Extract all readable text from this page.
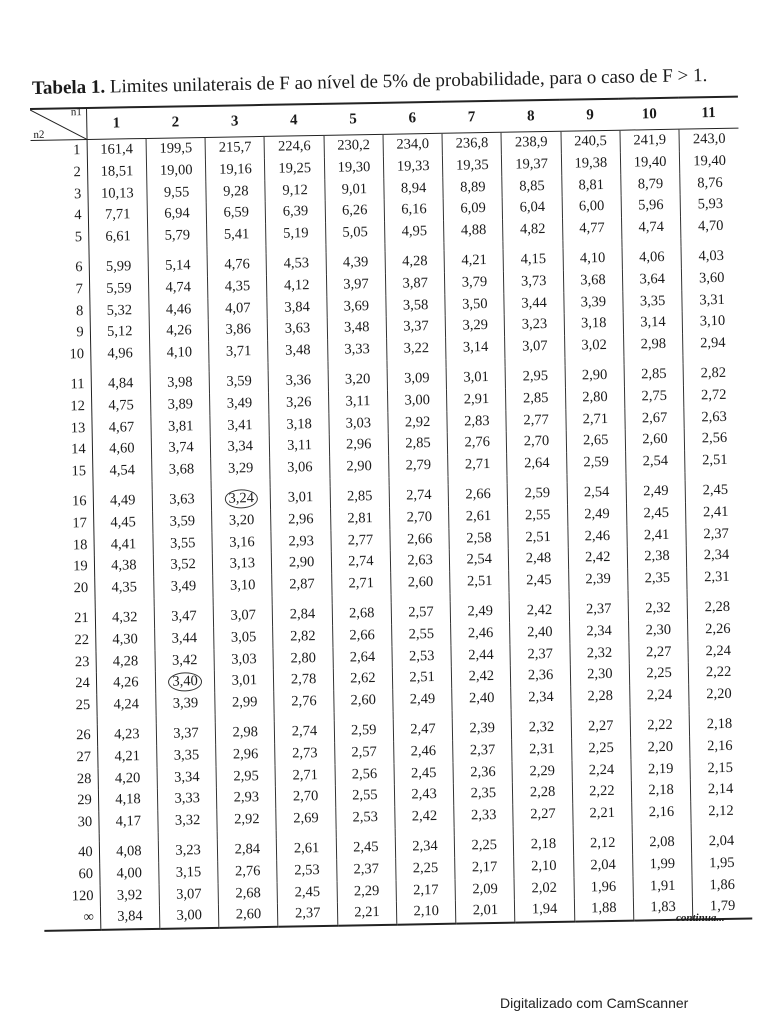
Tabela 1. Limites unilaterais de F ao nível de 5% de probabilidade, para o caso de F > 1.
n1
n2	1	2	3	4	5	6	7	8	9	10	11
1	161,4	199,5	215,7	224,6	230,2	234,0	236,8	238,9	240,5	241,9	243,0
2	18,51	19,00	19,16	19,25	19,30	19,33	19,35	19,37	19,38	19,40	19,40
3	10,13	9,55	9,28	9,12	9,01	8,94	8,89	8,85	8,81	8,79	8,76
4	7,71	6,94	6,59	6,39	6,26	6,16	6,09	6,04	6,00	5,96	5,93
5	6,61	5,79	5,41	5,19	5,05	4,95	4,88	4,82	4,77	4,74	4,70

6	5,99	5,14	4,76	4,53	4,39	4,28	4,21	4,15	4,10	4,06	4,03
7	5,59	4,74	4,35	4,12	3,97	3,87	3,79	3,73	3,68	3,64	3,60
8	5,32	4,46	4,07	3,84	3,69	3,58	3,50	3,44	3,39	3,35	3,31
9	5,12	4,26	3,86	3,63	3,48	3,37	3,29	3,23	3,18	3,14	3,10
10	4,96	4,10	3,71	3,48	3,33	3,22	3,14	3,07	3,02	2,98	2,94

11	4,84	3,98	3,59	3,36	3,20	3,09	3,01	2,95	2,90	2,85	2,82
12	4,75	3,89	3,49	3,26	3,11	3,00	2,91	2,85	2,80	2,75	2,72
13	4,67	3,81	3,41	3,18	3,03	2,92	2,83	2,77	2,71	2,67	2,63
14	4,60	3,74	3,34	3,11	2,96	2,85	2,76	2,70	2,65	2,60	2,56
15	4,54	3,68	3,29	3,06	2,90	2,79	2,71	2,64	2,59	2,54	2,51

16	4,49	3,63	3,24	3,01	2,85	2,74	2,66	2,59	2,54	2,49	2,45
17	4,45	3,59	3,20	2,96	2,81	2,70	2,61	2,55	2,49	2,45	2,41
18	4,41	3,55	3,16	2,93	2,77	2,66	2,58	2,51	2,46	2,41	2,37
19	4,38	3,52	3,13	2,90	2,74	2,63	2,54	2,48	2,42	2,38	2,34
20	4,35	3,49	3,10	2,87	2,71	2,60	2,51	2,45	2,39	2,35	2,31

21	4,32	3,47	3,07	2,84	2,68	2,57	2,49	2,42	2,37	2,32	2,28
22	4,30	3,44	3,05	2,82	2,66	2,55	2,46	2,40	2,34	2,30	2,26
23	4,28	3,42	3,03	2,80	2,64	2,53	2,44	2,37	2,32	2,27	2,24
24	4,26	3,40	3,01	2,78	2,62	2,51	2,42	2,36	2,30	2,25	2,22
25	4,24	3,39	2,99	2,76	2,60	2,49	2,40	2,34	2,28	2,24	2,20

26	4,23	3,37	2,98	2,74	2,59	2,47	2,39	2,32	2,27	2,22	2,18
27	4,21	3,35	2,96	2,73	2,57	2,46	2,37	2,31	2,25	2,20	2,16
28	4,20	3,34	2,95	2,71	2,56	2,45	2,36	2,29	2,24	2,19	2,15
29	4,18	3,33	2,93	2,70	2,55	2,43	2,35	2,28	2,22	2,18	2,14
30	4,17	3,32	2,92	2,69	2,53	2,42	2,33	2,27	2,21	2,16	2,12

40	4,08	3,23	2,84	2,61	2,45	2,34	2,25	2,18	2,12	2,08	2,04
60	4,00	3,15	2,76	2,53	2,37	2,25	2,17	2,10	2,04	1,99	1,95
120	3,92	3,07	2,68	2,45	2,29	2,17	2,09	2,02	1,96	1,91	1,86
∞	3,84	3,00	2,60	2,37	2,21	2,10	2,01	1,94	1,88	1,83	1,79
continua...
Digitalizado com CamScanner
